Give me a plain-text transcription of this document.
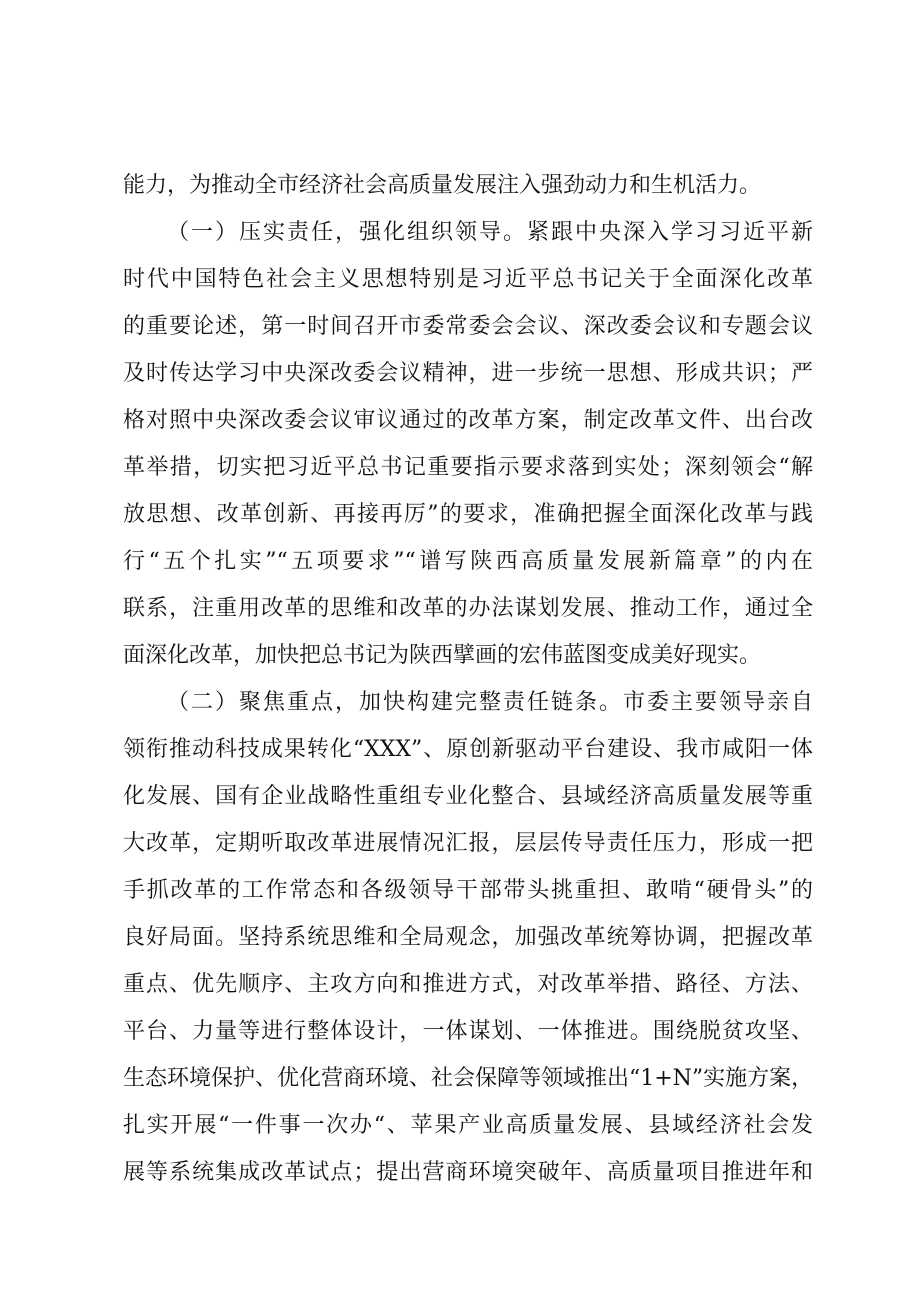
能力，为推动全市经济社会高质量发展注入强劲动力和生机活力。
（一）压实责任，强化组织领导。紧跟中央深入学习习近平新
时代中国特色社会主义思想特别是习近平总书记关于全面深化改革
的重要论述，第一时间召开市委常委会会议、深改委会议和专题会议
及时传达学习中央深改委会议精神，进一步统一思想、形成共识；严
格对照中央深改委会议审议通过的改革方案，制定改革文件、出台改
革举措，切实把习近平总书记重要指示要求落到实处；深刻领会“解
放思想、改革创新、再接再厉”的要求，准确把握全面深化改革与践
行“五个扎实”“五项要求”“谱写陕西高质量发展新篇章”的内在
联系，注重用改革的思维和改革的办法谋划发展、推动工作，通过全
面深化改革，加快把总书记为陕西擘画的宏伟蓝图变成美好现实。
（二）聚焦重点，加快构建完整责任链条。市委主要领导亲自
领衔推动科技成果转化“XXX”、原创新驱动平台建设、我市咸阳一体
化发展、国有企业战略性重组专业化整合、县域经济高质量发展等重
大改革，定期听取改革进展情况汇报，层层传导责任压力，形成一把
手抓改革的工作常态和各级领导干部带头挑重担、敢啃“硬骨头”的
良好局面。坚持系统思维和全局观念，加强改革统筹协调，把握改革
重点、优先顺序、主攻方向和推进方式，对改革举措、路径、方法、
平台、力量等进行整体设计，一体谋划、一体推进。围绕脱贫攻坚、
生态环境保护、优化营商环境、社会保障等领域推出“1+N”实施方案，
扎实开展“一件事一次办“、苹果产业高质量发展、县域经济社会发
展等系统集成改革试点；提出营商环境突破年、高质量项目推进年和
